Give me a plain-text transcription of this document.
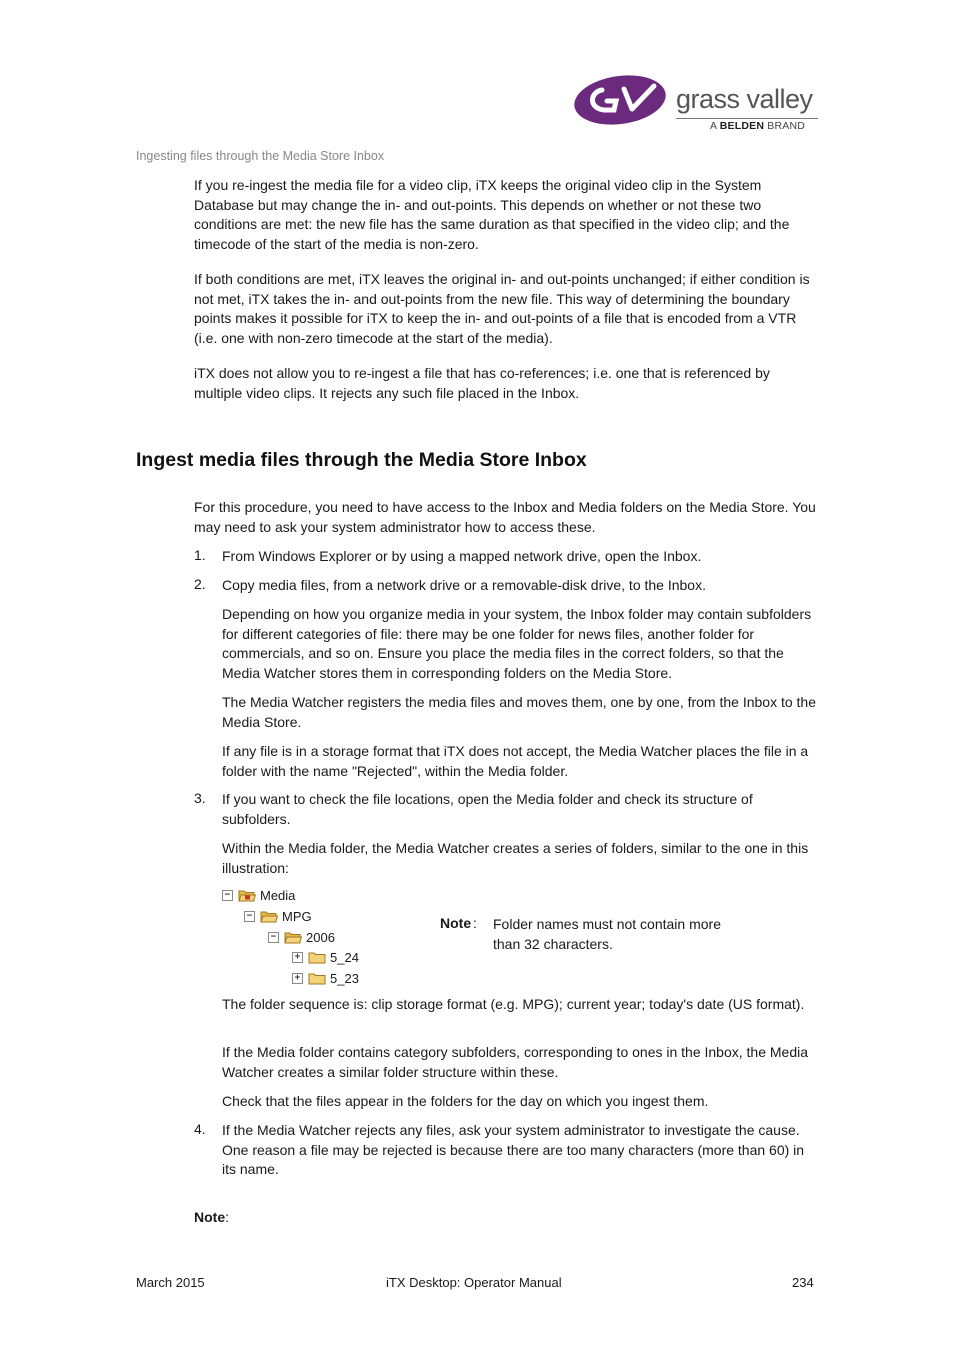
grass valley
A BELDEN BRAND
Ingesting files through the Media Store Inbox
If you re-ingest the media file for a video clip, iTX keeps the original video clip in the System Database but may change the in- and out-points. This depends on whether or not these two conditions are met: the new file has the same duration as that specified in the video clip; and the timecode of the start of the media is non-zero.
If both conditions are met, iTX leaves the original in- and out-points unchanged; if either condition is not met, iTX takes the in- and out-points from the new file. This way of determining the boundary points makes it possible for iTX to keep the in- and out-points of a file that is encoded from a VTR (i.e. one with non-zero timecode at the start of the media).
iTX does not allow you to re-ingest a file that has co-references; i.e. one that is referenced by multiple video clips. It rejects any such file placed in the Inbox.
Ingest media files through the Media Store Inbox
For this procedure, you need to have access to the Inbox and Media folders on the Media Store. You may need to ask your system administrator how to access these.
1.	From Windows Explorer or by using a mapped network drive, open the Inbox.
2.	Copy media files, from a network drive or a removable-disk drive, to the Inbox.
Depending on how you organize media in your system, the Inbox folder may contain subfolders for different categories of file: there may be one folder for news files, another folder for commercials, and so on. Ensure you place the media files in the correct folders, so that the Media Watcher stores them in corresponding folders on the Media Store.
The Media Watcher registers the media files and moves them, one by one, from the Inbox to the Media Store.
If any file is in a storage format that iTX does not accept, the Media Watcher places the file in a folder with the name "Rejected", within the Media folder.
3.	If you want to check the file locations, open the Media folder and check its structure of subfolders.
Within the Media folder, the Media Watcher creates a series of folders, similar to the one in this illustration:
− Media
− MPG
− 2006
+ 5_24
+ 5_23
Note : Folder names must not contain more than 32 characters.
The folder sequence is: clip storage format (e.g. MPG); current year; today's date (US format).
If the Media folder contains category subfolders, corresponding to ones in the Inbox, the Media Watcher creates a similar folder structure within these.
Check that the files appear in the folders for the day on which you ingest them.
4.	If the Media Watcher rejects any files, ask your system administrator to investigate the cause. One reason a file may be rejected is because there are too many characters (more than 60) in its name.
Note:
March 2015	iTX Desktop: Operator Manual	234
